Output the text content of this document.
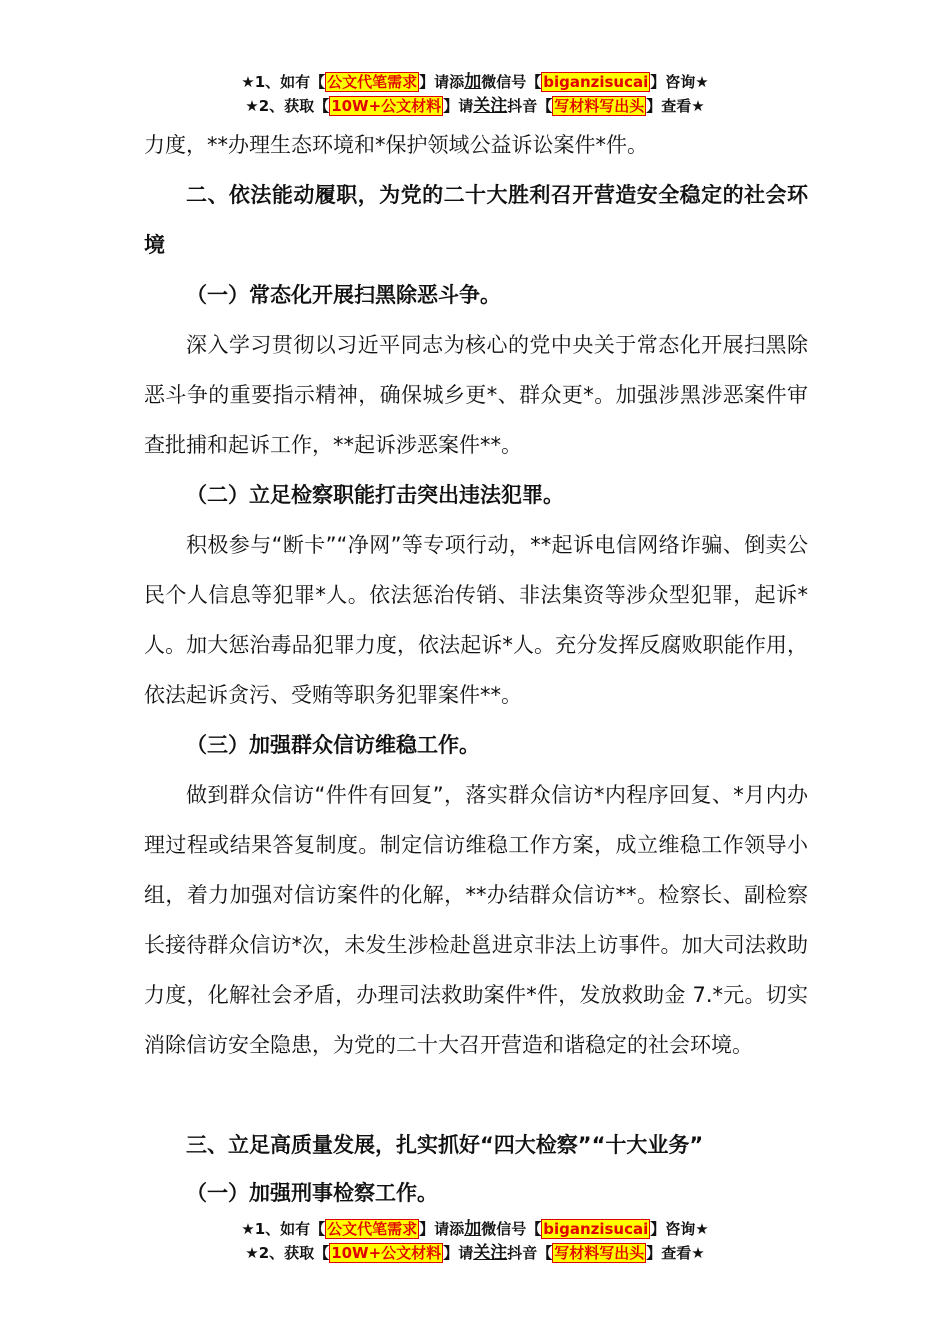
★1、如有【 公文代笔需求 】请添加微信号【 biganzisucai 】咨询★
★2、获取【 10W+公文材料 】请关注抖音【 写材料写出头 】查看★
力度，**办理生态环境和*保护领域公益诉讼案件*件。
二、依法能动履职，为党的二十大胜利召开营造安全稳定的社会环境
（一）常态化开展扫黑除恶斗争。
深入学习贯彻以习近平同志为核心的党中央关于常态化开展扫黑除恶斗争的重要指示精神，确保城乡更*、群众更*。加强涉黑涉恶案件审查批捕和起诉工作，**起诉涉恶案件**。
（二）立足检察职能打击突出违法犯罪。
积极参与“断卡”“净网”等专项行动，**起诉电信网络诈骗、倒卖公民个人信息等犯罪*人。依法惩治传销、非法集资等涉众型犯罪，起诉*人。加大惩治毒品犯罪力度，依法起诉*人。充分发挥反腐败职能作用，依法起诉贪污、受贿等职务犯罪案件**。
（三）加强群众信访维稳工作。
做到群众信访“件件有回复”，落实群众信访*内程序回复、*月内办理过程或结果答复制度。制定信访维稳工作方案，成立维稳工作领导小组，着力加强对信访案件的化解，**办结群众信访**。检察长、副检察长接待群众信访*次，未发生涉检赴邕进京非法上访事件。加大司法救助力度，化解社会矛盾，办理司法救助案件*件，发放救助金 7.*元。切实消除信访安全隐患，为党的二十大召开营造和谐稳定的社会环境。
三、立足高质量发展，扎实抓好“四大检察”“十大业务”
（一）加强刑事检察工作。
★1、如有【 公文代笔需求 】请添加微信号【 biganzisucai 】咨询★
★2、获取【 10W+公文材料 】请关注抖音【 写材料写出头 】查看★
